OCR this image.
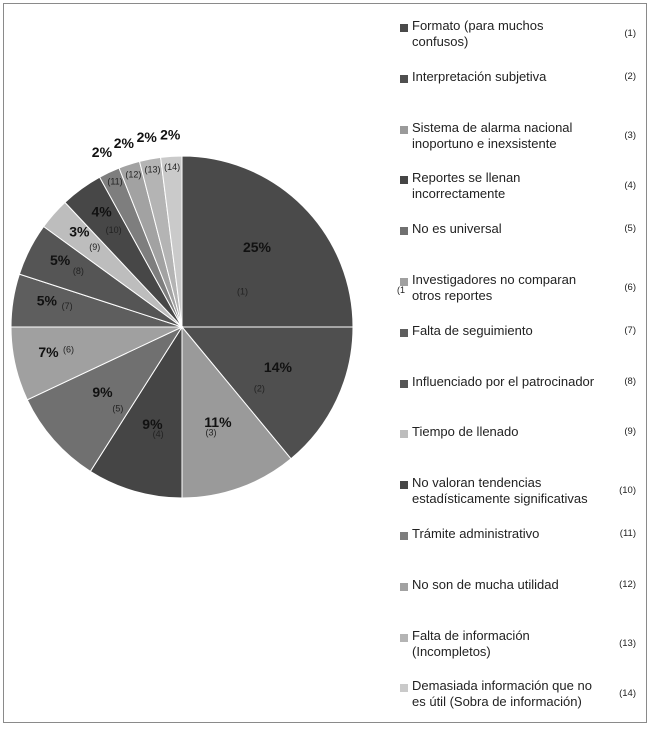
25%
(1)
14%
(2)
11%
(3)
9%
(4)
9%
(5)
7% (6)
5% (7)
5%
(8)
3%
(9)
4%
(10)
(11)
2%
(12)
2%
(13)
2%
(14)
2%
Formato (para muchos
confusos)
(1)
Interpretación subjetiva	(2)
Sistema de alarma nacional
inoportuno e inexsistente
(3)
Reportes se llenan
incorrectamente
(4)
No es universal	(5)
Investigadores no comparan
otros reportes
(6)
Falta de seguimiento	(7)
Influenciado por el patrocinador	(8)
Tiempo de llenado	(9)
No valoran tendencias
estadísticamente significativas
(10)
Trámite administrativo	(11)
No son de mucha utilidad	(12)
Falta de información
(Incompletos)
(13)
Demasiada información que no
es útil (Sobra de información)
(14)
(1
